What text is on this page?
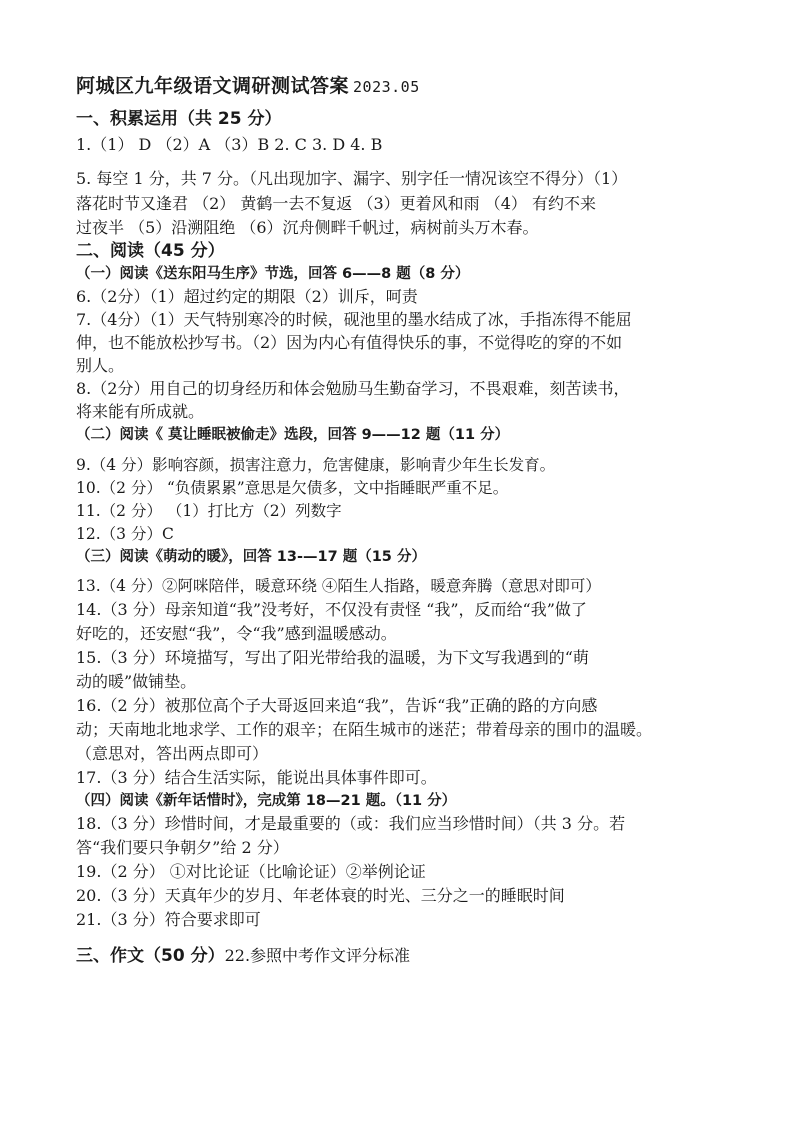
阿城区九年级语文调研测试答案 2023.05
一、积累运用（共 25 分）
1.（1） D （2）A （3）B 2. C 3. D 4. B
5. 每空 1 分，共 7 分。（凡出现加字、漏字、别字任一情况该空不得分）（1）
落花时节又逢君 （2） 黄鹤一去不复返 （3）更着风和雨 （4） 有约不来
过夜半 （5）沿溯阻绝 （6）沉舟侧畔千帆过，病树前头万木春。
二、阅读（45 分）
（一）阅读《送东阳马生序》节选，回答 6——8 题（8 分）
6.（2分）（1）超过约定的期限（2）训斥，呵责
7.（4分）（1）天气特别寒冷的时候，砚池里的墨水结成了冰，手指冻得不能屈
伸，也不能放松抄写书。（2）因为内心有值得快乐的事，不觉得吃的穿的不如
别人。
8.（2分）用自己的切身经历和体会勉励马生勤奋学习，不畏艰难，刻苦读书，
将来能有所成就。
（二）阅读《 莫让睡眠被偷走》选段，回答 9——12 题（11 分）
9.（4 分）影响容颜，损害注意力，危害健康，影响青少年生长发育。
10.（2 分） “负债累累”意思是欠债多，文中指睡眠严重不足。
11.（2 分） （1）打比方（2）列数字
12.（3 分）C
（三）阅读《萌动的暖》，回答 13-—17 题（15 分）
13.（4 分）②阿咪陪伴，暖意环绕 ④陌生人指路，暖意奔腾（意思对即可）
14.（3 分）母亲知道“我”没考好，不仅没有责怪 “我”，反而给“我”做了
好吃的，还安慰“我”，令“我”感到温暖感动。
15.（3 分）环境描写，写出了阳光带给我的温暖，为下文写我遇到的“萌
动的暖”做铺垫。
16.（2 分）被那位高个子大哥返回来追“我”，告诉“我”正确的路的方向感
动；天南地北地求学、工作的艰辛；在陌生城市的迷茫；带着母亲的围巾的温暖。
（意思对，答出两点即可）
17.（3 分）结合生活实际，能说出具体事件即可。
（四）阅读《新年话惜时》，完成第 18—21 题。（11 分）
18.（3 分）珍惜时间，才是最重要的（或：我们应当珍惜时间）（共 3 分。若
答“我们要只争朝夕”给 2 分）
19.（2 分） ①对比论证（比喻论证）②举例论证
20.（3 分）天真年少的岁月、年老体衰的时光、三分之一的睡眠时间
21.（3 分）符合要求即可
三、作文（50 分）22.参照中考作文评分标准
